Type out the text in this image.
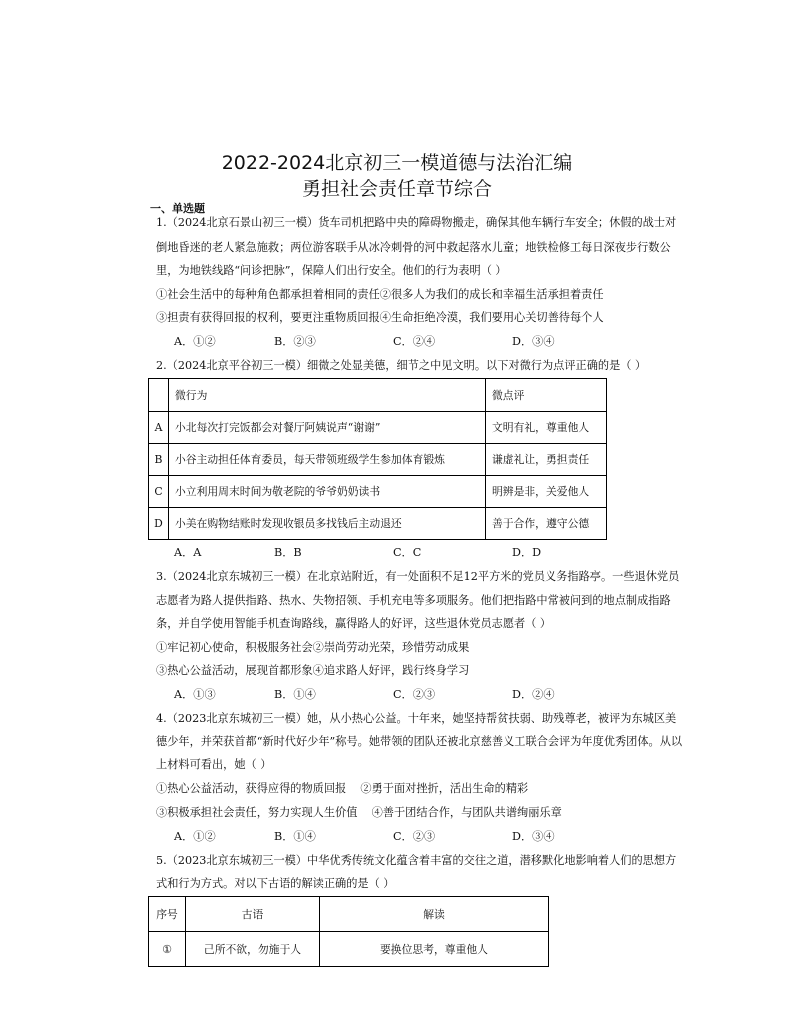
2022-2024北京初三一模道德与法治汇编
勇担社会责任章节综合
一、单选题
1.（2024北京石景山初三一模）货车司机把路中央的障碍物搬走，确保其他车辆行车安全；休假的战士对
倒地昏迷的老人紧急施救；两位游客联手从冰冷刺骨的河中救起落水儿童；地铁检修工每日深夜步行数公
里，为地铁线路“问诊把脉”，保障人们出行安全。他们的行为表明（ ）
①社会生活中的每种角色都承担着相同的责任②很多人为我们的成长和幸福生活承担着责任
③担责有获得回报的权利，要更注重物质回报④生命拒绝冷漠，我们要用心关切善待每个人
A．①②	B．②③	C．②④	D．③④
2.（2024北京平谷初三一模）细微之处显美德，细节之中见文明。以下对微行为点评正确的是（ ）
	微行为	微点评
A	小北每次打完饭都会对餐厅阿姨说声“谢谢”	文明有礼，尊重他人
B	小谷主动担任体育委员，每天带领班级学生参加体育锻炼	谦虚礼让，勇担责任
C	小立利用周末时间为敬老院的爷爷奶奶读书	明辨是非，关爱他人
D	小美在购物结账时发现收银员多找钱后主动退还	善于合作，遵守公德
A．A	B．B	C．C	D．D
3.（2024北京东城初三一模）在北京站附近，有一处面积不足12平方米的党员义务指路亭。一些退休党员
志愿者为路人提供指路、热水、失物招领、手机充电等多项服务。他们把指路中常被问到的地点制成指路
条，并自学使用智能手机查询路线，赢得路人的好评，这些退休党员志愿者（ ）
①牢记初心使命，积极服务社会②崇尚劳动光荣，珍惜劳动成果
③热心公益活动，展现首都形象④追求路人好评，践行终身学习
A．①③	B．①④	C．②③	D．②④
4.（2023北京东城初三一模）她，从小热心公益。十年来，她坚持帮贫扶弱、助残尊老，被评为东城区美
德少年，并荣获首都“新时代好少年”称号。她带领的团队还被北京慈善义工联合会评为年度优秀团体。从以
上材料可看出，她（ ）
①热心公益活动，获得应得的物质回报    ②勇于面对挫折，活出生命的精彩
③积极承担社会责任，努力实现人生价值    ④善于团结合作，与团队共谱绚丽乐章
A．①②	B．①④	C．②③	D．③④
5.（2023北京东城初三一模）中华优秀传统文化蕴含着丰富的交往之道，潜移默化地影响着人们的思想方
式和行为方式。对以下古语的解读正确的是（ ）
序号	古语	解读
①	己所不欲，勿施于人	要换位思考，尊重他人
